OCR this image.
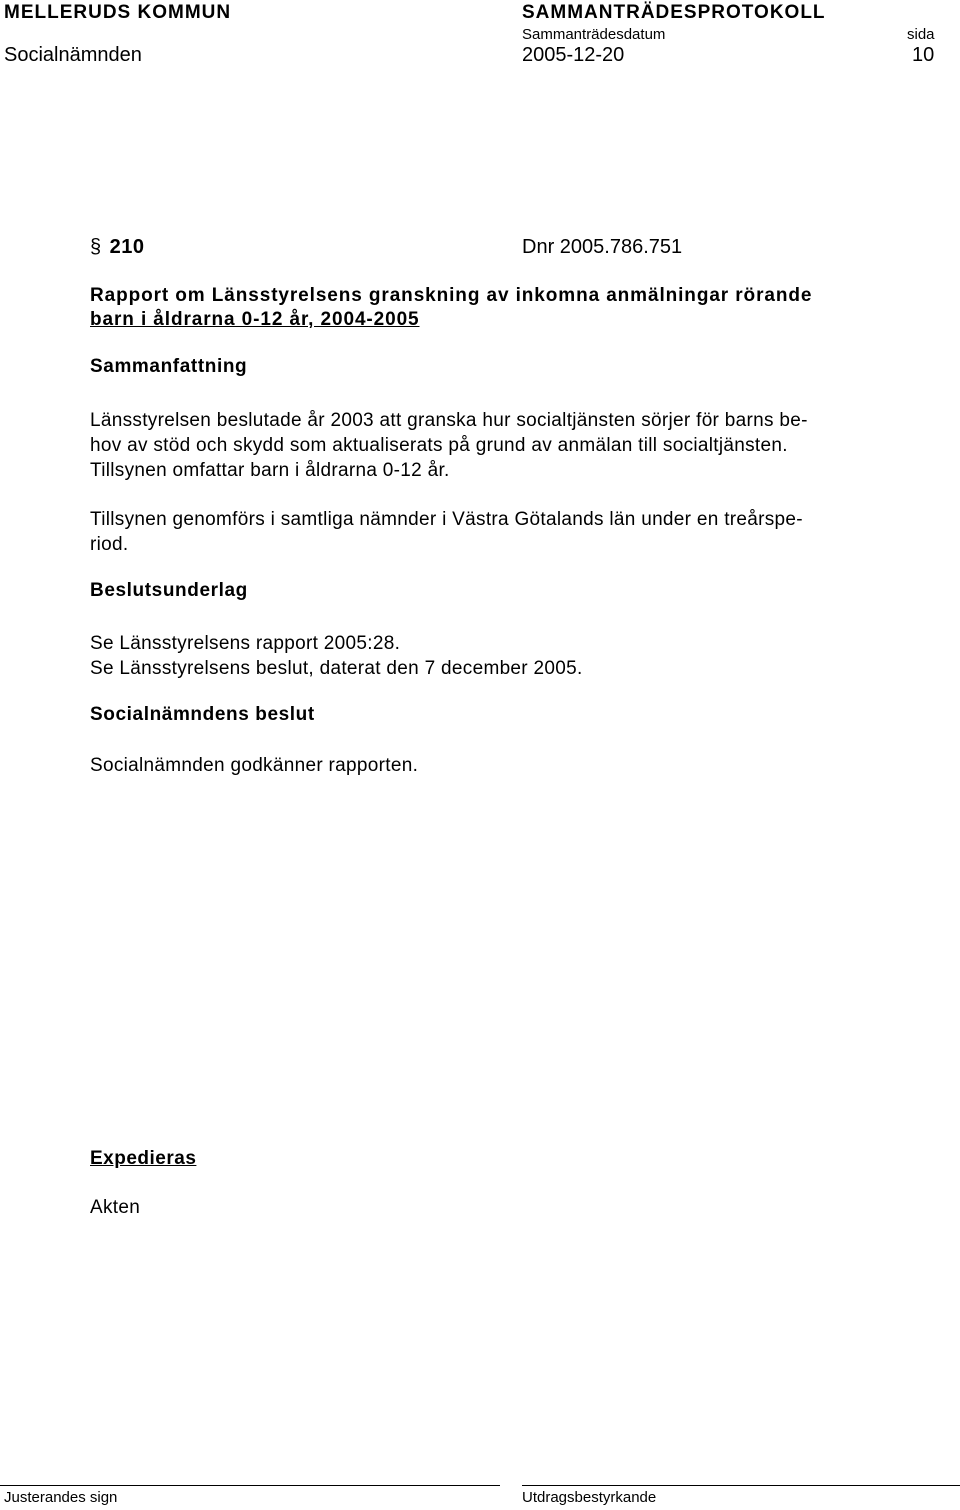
MELLERUDS KOMMUN	SAMMANTRÄDESPROTOKOLL
Sammanträdesdatum	sida
Socialnämnden	2005-12-20	10
§ 210	Dnr 2005.786.751
Rapport om Länsstyrelsens granskning av inkomna anmälningar rörande
barn i åldrarna 0-12 år, 2004-2005
Sammanfattning
Länsstyrelsen beslutade år 2003 att granska hur socialtjänsten sörjer för barns be-
hov av stöd och skydd som aktualiserats på grund av anmälan till socialtjänsten.
Tillsynen omfattar barn i åldrarna 0-12 år.
Tillsynen genomförs i samtliga nämnder i Västra Götalands län under en treårspe-
riod.
Beslutsunderlag
Se Länsstyrelsens rapport 2005:28.
Se Länsstyrelsens beslut, daterat den 7 december 2005.
Socialnämndens beslut
Socialnämnden godkänner rapporten.
Expedieras
Akten
Justerandes sign	Utdragsbestyrkande
